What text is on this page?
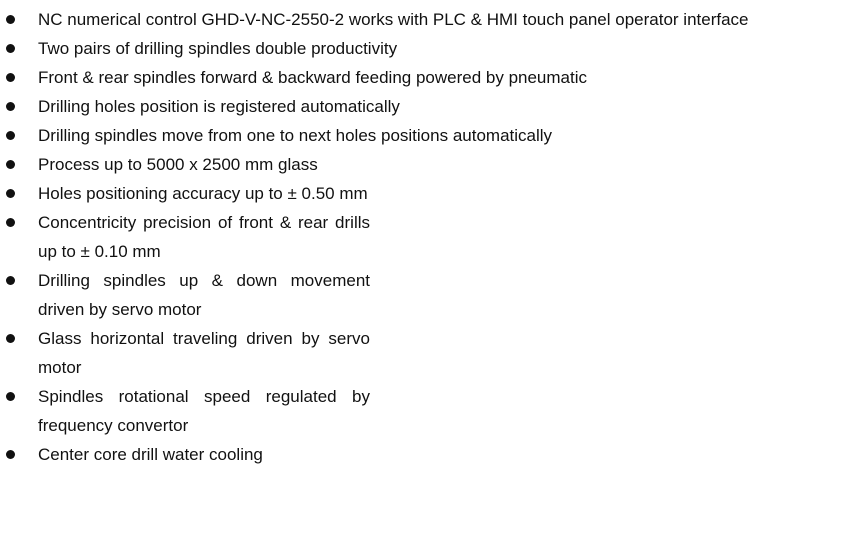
NC numerical control GHD-V-NC-2550-2 works with PLC & HMI touch panel operator interface
Two pairs of drilling spindles double productivity
Front & rear spindles forward & backward feeding powered by pneumatic
Drilling holes position is registered automatically
Drilling spindles move from one to next holes positions automatically
Process up to 5000 x 2500 mm glass
Holes positioning accuracy up to ± 0.50 mm
Concentricity precision of front & rear drills up to ± 0.10 mm
Drilling spindles up & down movement driven by servo motor
Glass horizontal traveling driven by servo motor
Spindles rotational speed regulated by frequency convertor
Center core drill water cooling
